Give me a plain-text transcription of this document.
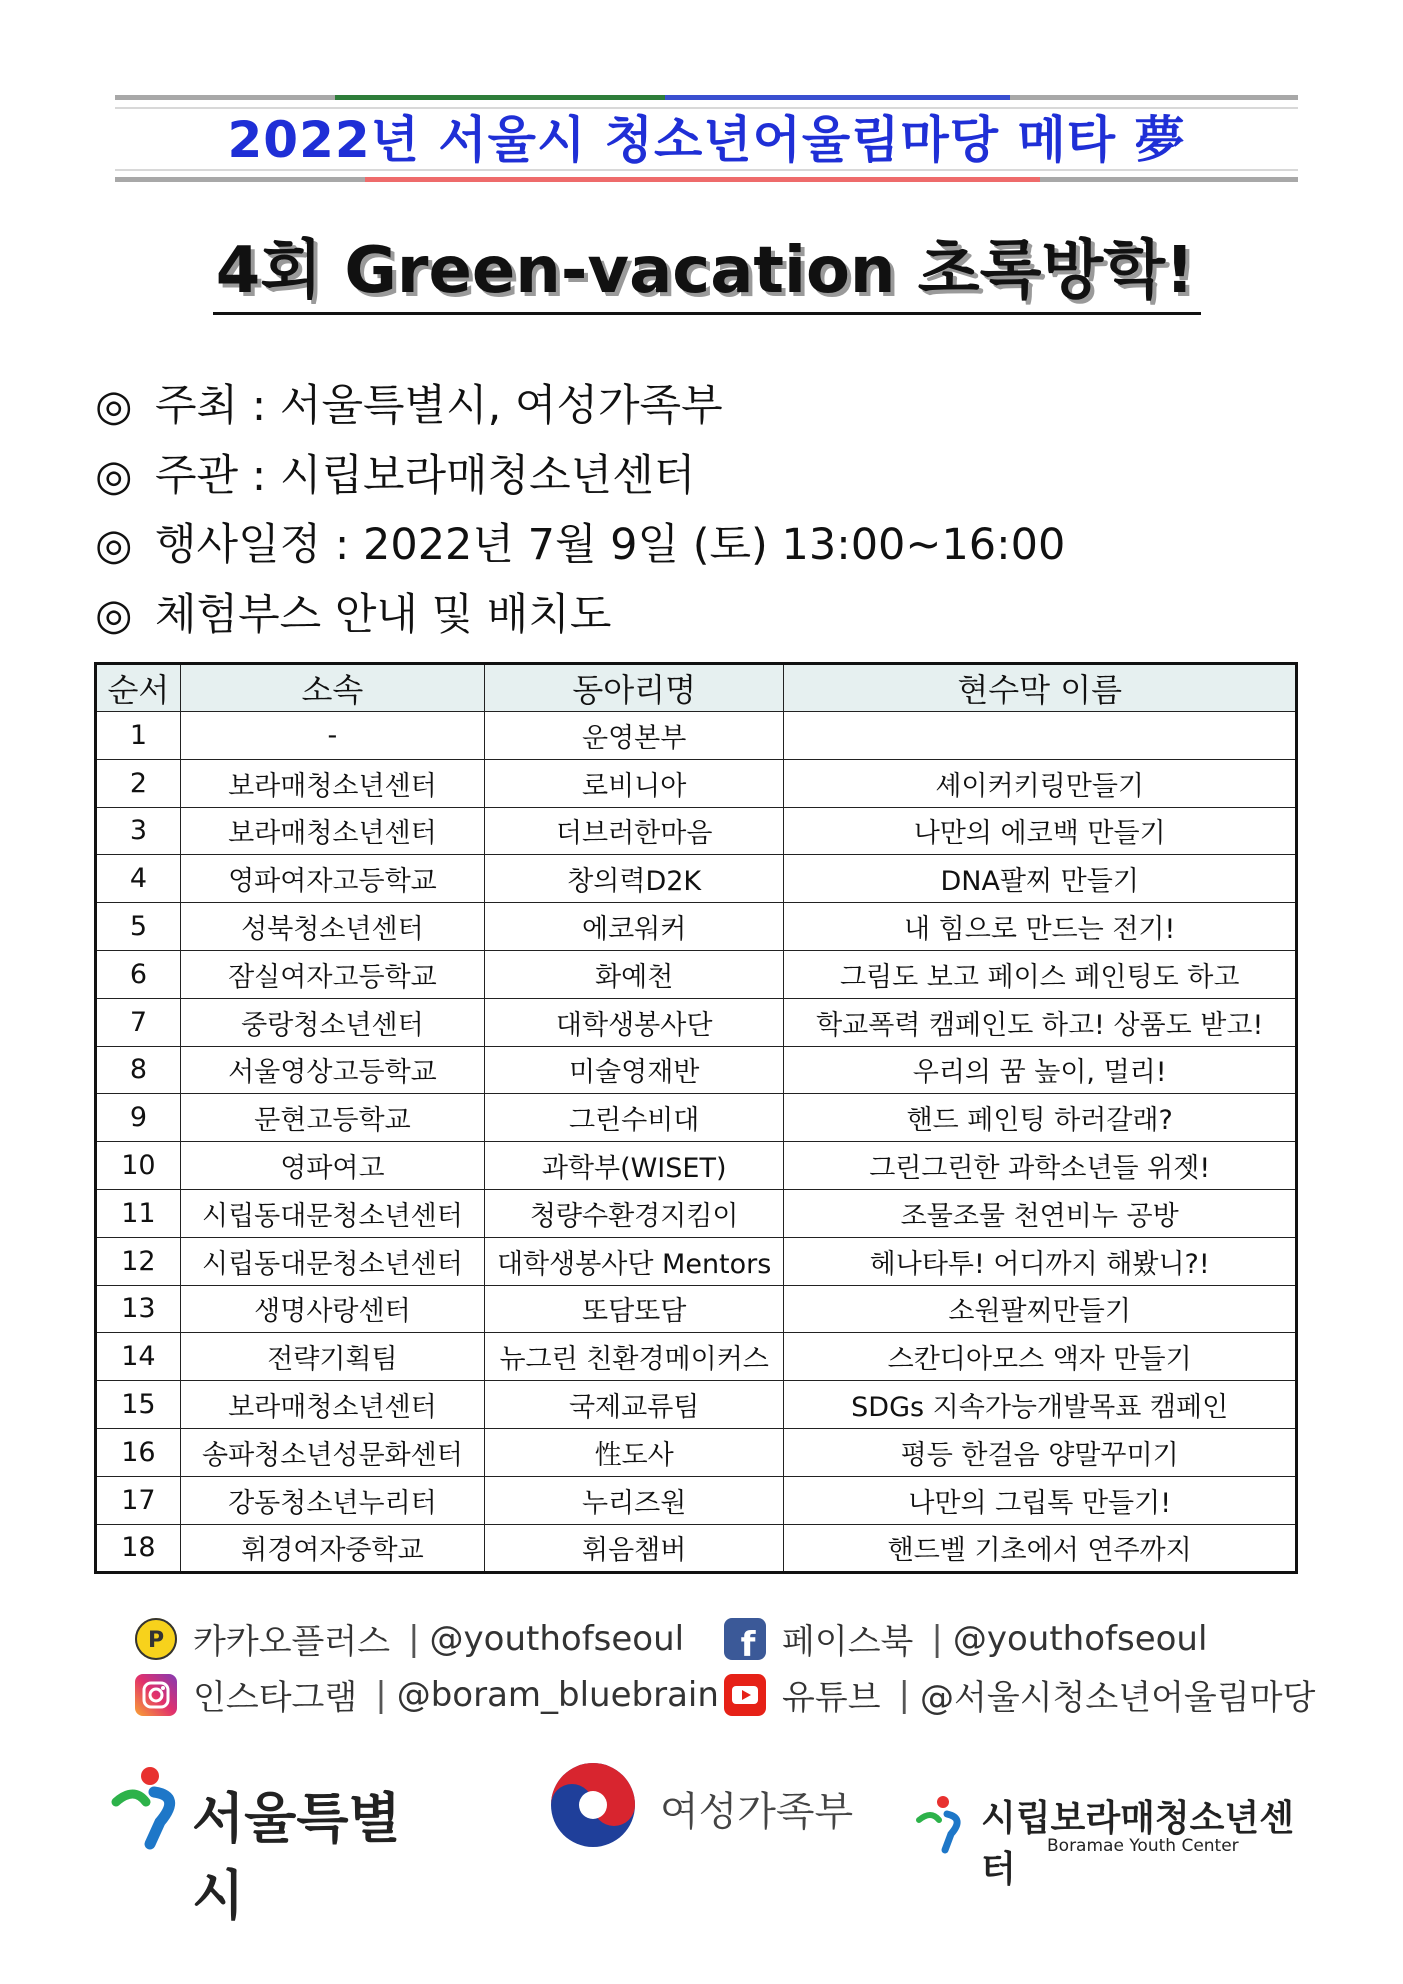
2022년 서울시 청소년어울림마당 메타 夢
4회 Green-vacation 초록방학!
◎ 주최 : 서울특별시, 여성가족부
◎ 주관 : 시립보라매청소년센터
◎ 행사일정 : 2022년 7월 9일 (토) 13:00~16:00
◎ 체험부스 안내 및 배치도
순서	소속	동아리명	현수막 이름
1	-	운영본부	
2	보라매청소년센터	로비니아	셰이커키링만들기
3	보라매청소년센터	더브러한마음	나만의 에코백 만들기
4	영파여자고등학교	창의력D2K	DNA팔찌 만들기
5	성북청소년센터	에코워커	내 힘으로 만드는 전기!
6	잠실여자고등학교	화예천	그림도 보고 페이스 페인팅도 하고
7	중랑청소년센터	대학생봉사단	학교폭력 캠페인도 하고! 상품도 받고!
8	서울영상고등학교	미술영재반	우리의 꿈 높이, 멀리!
9	문현고등학교	그린수비대	핸드 페인팅 하러갈래?
10	영파여고	과학부(WISET)	그린그린한 과학소년들 위젯!
11	시립동대문청소년센터	청량수환경지킴이	조물조물 천연비누 공방
12	시립동대문청소년센터	대학생봉사단 Mentors	헤나타투! 어디까지 해봤니?!
13	생명사랑센터	또담또담	소원팔찌만들기
14	전략기획팀	뉴그린 친환경메이커스	스칸디아모스 액자 만들기
15	보라매청소년센터	국제교류팀	SDGs 지속가능개발목표 캠페인
16	송파청소년성문화센터	性도사	평등 한걸음 양말꾸미기
17	강동청소년누리터	누리즈원	나만의 그립톡 만들기!
18	휘경여자중학교	휘음챔버	핸드벨 기초에서 연주까지
P 카카오플러스 | @youthofseoul f 페이스북 | @youthofseoul
인스타그램 | @boram_bluebrain 유튜브 | @서울시청소년어울림마당
서울특별시
여성가족부	시립보라매청소년센터
Boramae Youth Center
